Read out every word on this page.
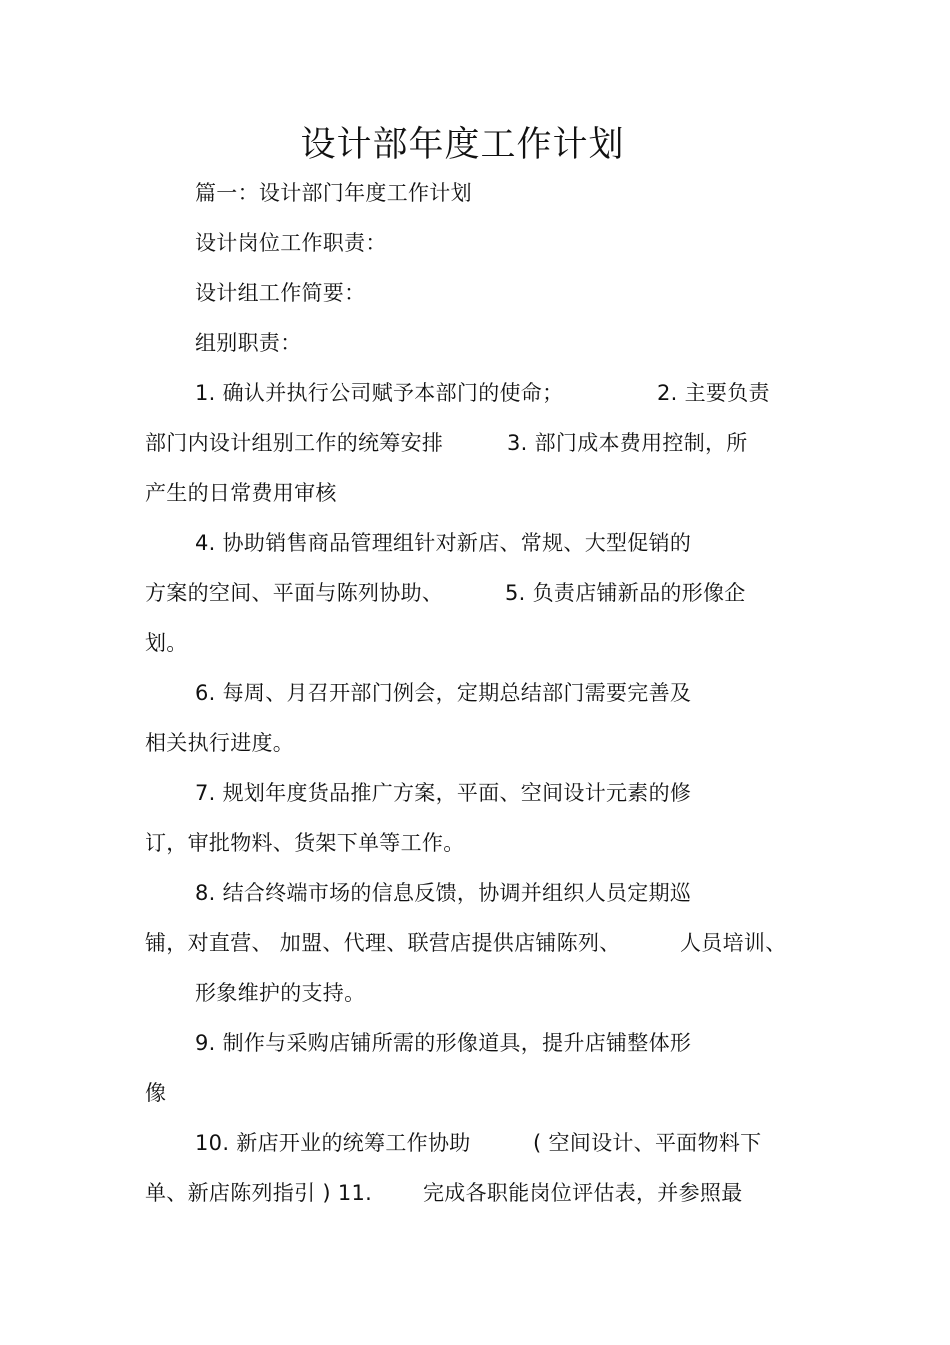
设计部年度工作计划
篇一：设计部门年度工作计划
设计岗位工作职责：
设计组工作简要：
组别职责：
1. 确认并执行公司赋予本部门的使命；	2. 主要负责
部门内设计组别工作的统筹安排	3. 部门成本费用控制，所
产生的日常费用审核
4. 协助销售商品管理组针对新店、常规、大型促销的
方案的空间、平面与陈列协助、	5. 负责店铺新品的形像企
划。
6. 每周、月召开部门例会，定期总结部门需要完善及
相关执行进度。
7. 规划年度货品推广方案，平面、空间设计元素的修
订，审批物料、货架下单等工作。
8. 结合终端市场的信息反馈，协调并组织人员定期巡
铺，对直营、 加盟、代理、联营店提供店铺陈列、	人员培训、
形象维护的支持。
9. 制作与采购店铺所需的形像道具，提升店铺整体形
像
10. 新店开业的统筹工作协助	( 空间设计、平面物料下
单、新店陈列指引 ) 11. 完成各职能岗位评估表，并参照最
